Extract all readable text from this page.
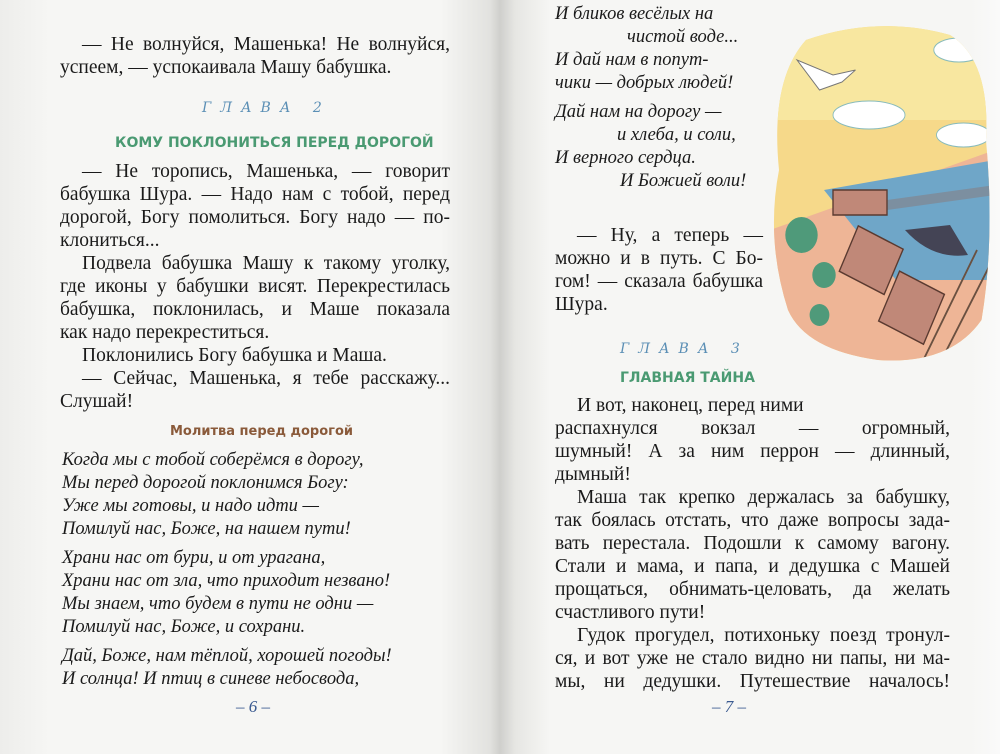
— Не волнуйся, Машенька! Не волнуйся,
успеем, — успокаивала Машу бабушка.
ГЛАВА 2
КОМУ ПОКЛОНИТЬСЯ ПЕРЕД ДОРОГОЙ
— Не торопись, Машенька, — говорит
бабушка Шура. — Надо нам с тобой, перед
дорогой, Богу помолиться. Богу надо — по-
клониться...
Подвела бабушка Машу к такому уголку,
где иконы у бабушки висят. Перекрестилась
бабушка, поклонилась, и Маше показала
как надо перекреститься.
Поклонились Богу бабушка и Маша.
— Сейчас, Машенька, я тебе расскажу...
Слушай!
Молитва перед дорогой
Когда мы с тобой соберёмся в дорогу,
Мы перед дорогой поклонимся Богу:
Уже мы готовы, и надо идти —
Помилуй нас, Боже, на нашем пути!
Храни нас от бури, и от урагана,
Храни нас от зла, что приходит незвано!
Мы знаем, что будем в пути не одни —
Помилуй нас, Боже, и сохрани.
Дай, Боже, нам тёплой, хорошей погоды!
И солнца! И птиц в синеве небосвода,
– 6 –
И бликов весёлых на
чистой воде...
И дай нам в попут-
чики — добрых людей!
Дай нам на дорогу —
и хлеба, и соли,
И верного сердца.
И Божией воли!
— Ну, а теперь —
можно и в путь. С Бо-
гом! — сказала бабушка
Шура.
ГЛАВА 3
ГЛАВНАЯ ТАЙНА
И вот, наконец, перед ними
распахнулся вокзал — огромный,
шумный! А за ним перрон — длинный,
дымный!
Маша так крепко держалась за бабушку,
так боялась отстать, что даже вопросы зада-
вать перестала. Подошли к самому вагону.
Стали и мама, и папа, и дедушка с Машей
прощаться, обнимать-целовать, да желать
счастливого пути!
Гудок прогудел, потихоньку поезд тронул-
ся, и вот уже не стало видно ни папы, ни ма-
мы, ни дедушки. Путешествие началось!
– 7 –
